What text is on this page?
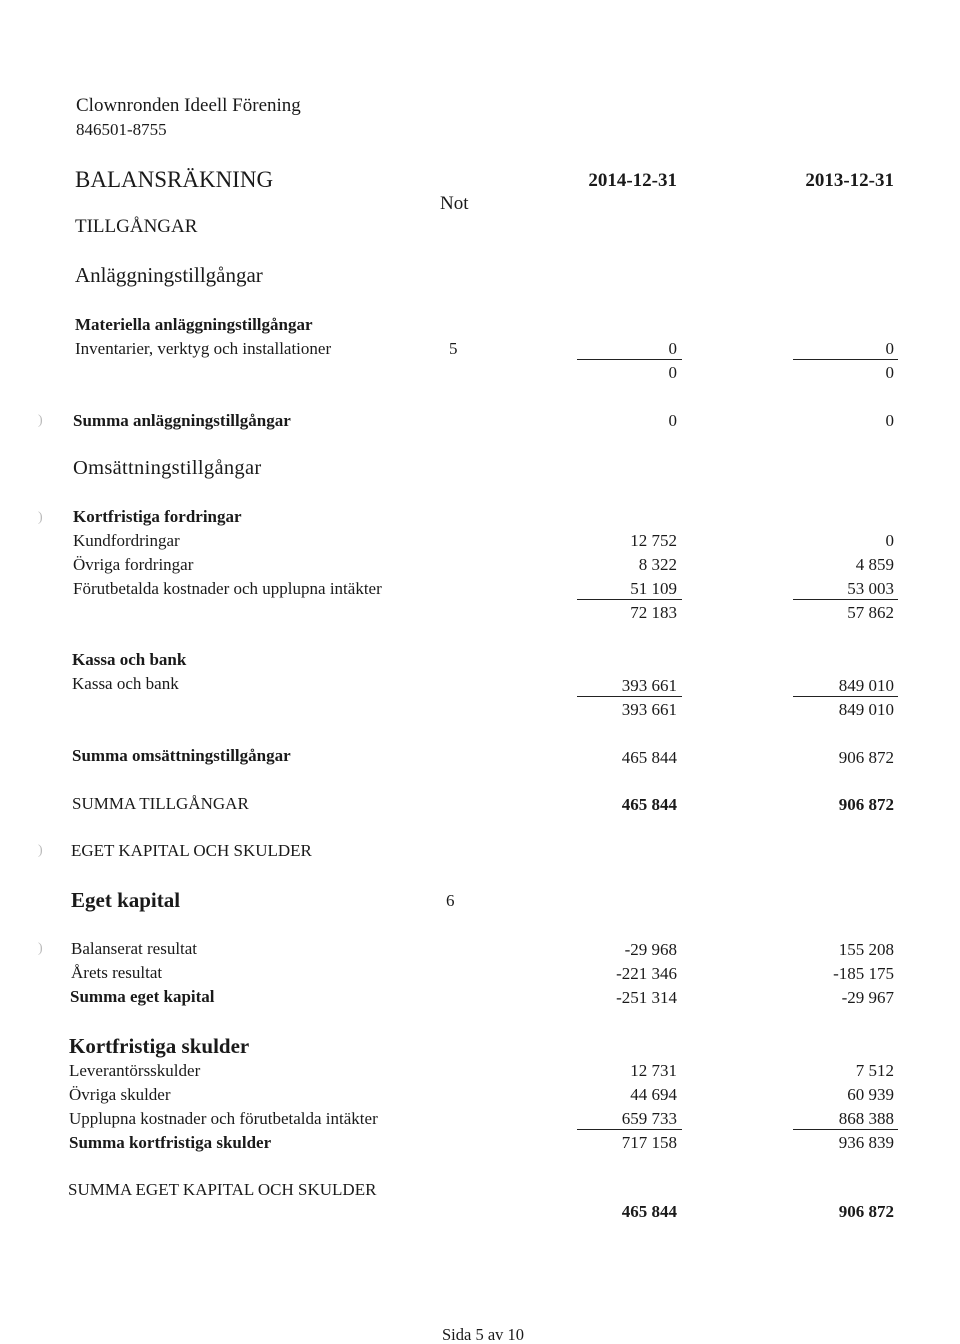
Clownronden Ideell Förening
846501-8755
BALANSRÄKNING	2014-12-31	2013-12-31
Not
TILLGÅNGAR
Anläggningstillgångar
Materiella anläggningstillgångar
Inventarier, verktyg och installationer	5	0	0
0	0
) Summa anläggningstillgångar	0	0
Omsättningstillgångar
) Kortfristiga fordringar
Kundfordringar	12 752	0
Övriga fordringar	8 322	4 859
Förutbetalda kostnader och upplupna intäkter	51 109	53 003
72 183	57 862
Kassa och bank
Kassa och bank	393 661	849 010
393 661	849 010
Summa omsättningstillgångar	465 844	906 872
SUMMA TILLGÅNGAR	465 844	906 872
) EGET KAPITAL OCH SKULDER
Eget kapital	6
) Balanserat resultat	-29 968	155 208
Årets resultat	-221 346	-185 175
Summa eget kapital	-251 314	-29 967
Kortfristiga skulder
Leverantörsskulder	12 731	7 512
Övriga skulder	44 694	60 939
Upplupna kostnader och förutbetalda intäkter	659 733	868 388
Summa kortfristiga skulder	717 158	936 839
SUMMA EGET KAPITAL OCH SKULDER
465 844	906 872
Sida 5 av 10
